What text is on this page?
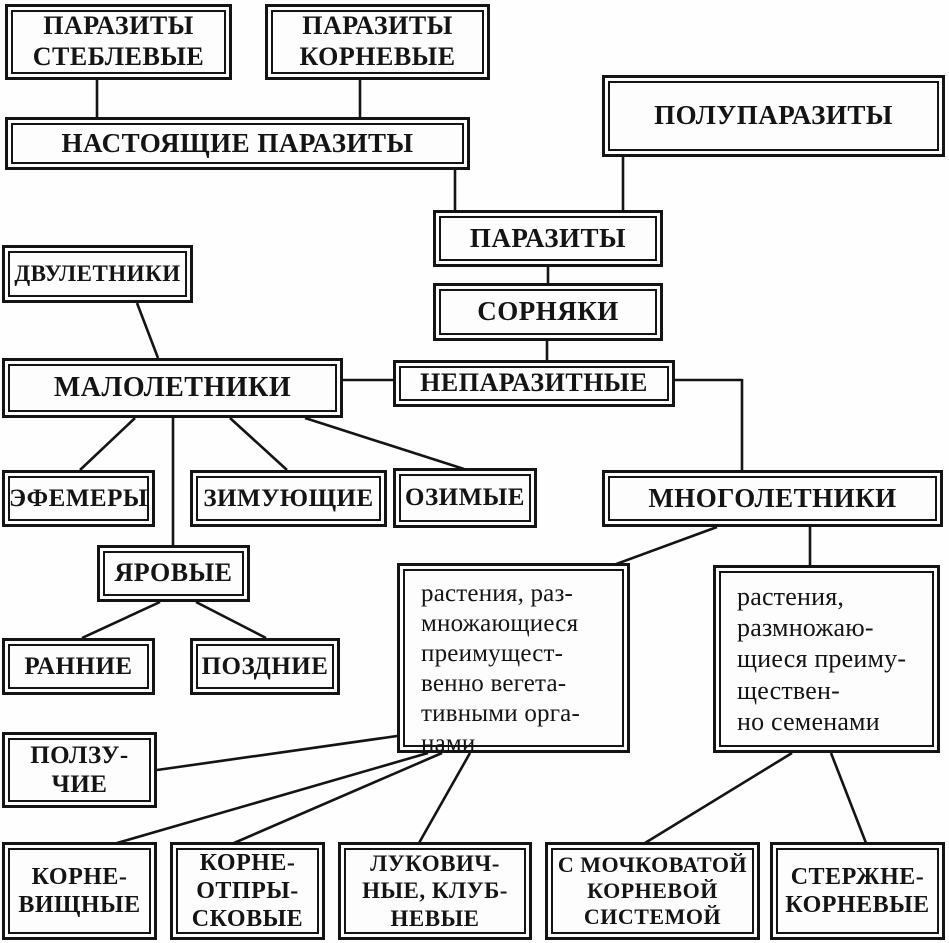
ПАРАЗИТЫ
СТЕБЛЕВЫЕ
ПАРАЗИТЫ
КОРНЕВЫЕ
НАСТОЯЩИЕ ПАРАЗИТЫ
ПОЛУПАРАЗИТЫ
ПАРАЗИТЫ
СОРНЯКИ
ДВУЛЕТНИКИ
МАЛОЛЕТНИКИ	НЕПАРАЗИТНЫЕ
ЭФЕМЕРЫ ЗИМУЮЩИЕ ОЗИМЫЕ	МНОГОЛЕТНИКИ
ЯРОВЫЕ
РАННИЕ	ПОЗДНИЕ
растения, раз-
множающиеся
преимущест-
венно вегета-
тивными орга-
нами
растения,
размножаю-
щиеся преиму-
ществен-
но семенами
ПОЛЗУ-
ЧИЕ
КОРНЕ-
ВИЩНЫЕ
КОРНЕ-
ОТПРЫ-
СКОВЫЕ
ЛУКОВИЧ-
НЫЕ, КЛУБ-
НЕВЫЕ
С МОЧКОВАТОЙ
КОРНЕВОЙ
СИСТЕМОЙ
СТЕРЖНЕ-
КОРНЕВЫЕ
